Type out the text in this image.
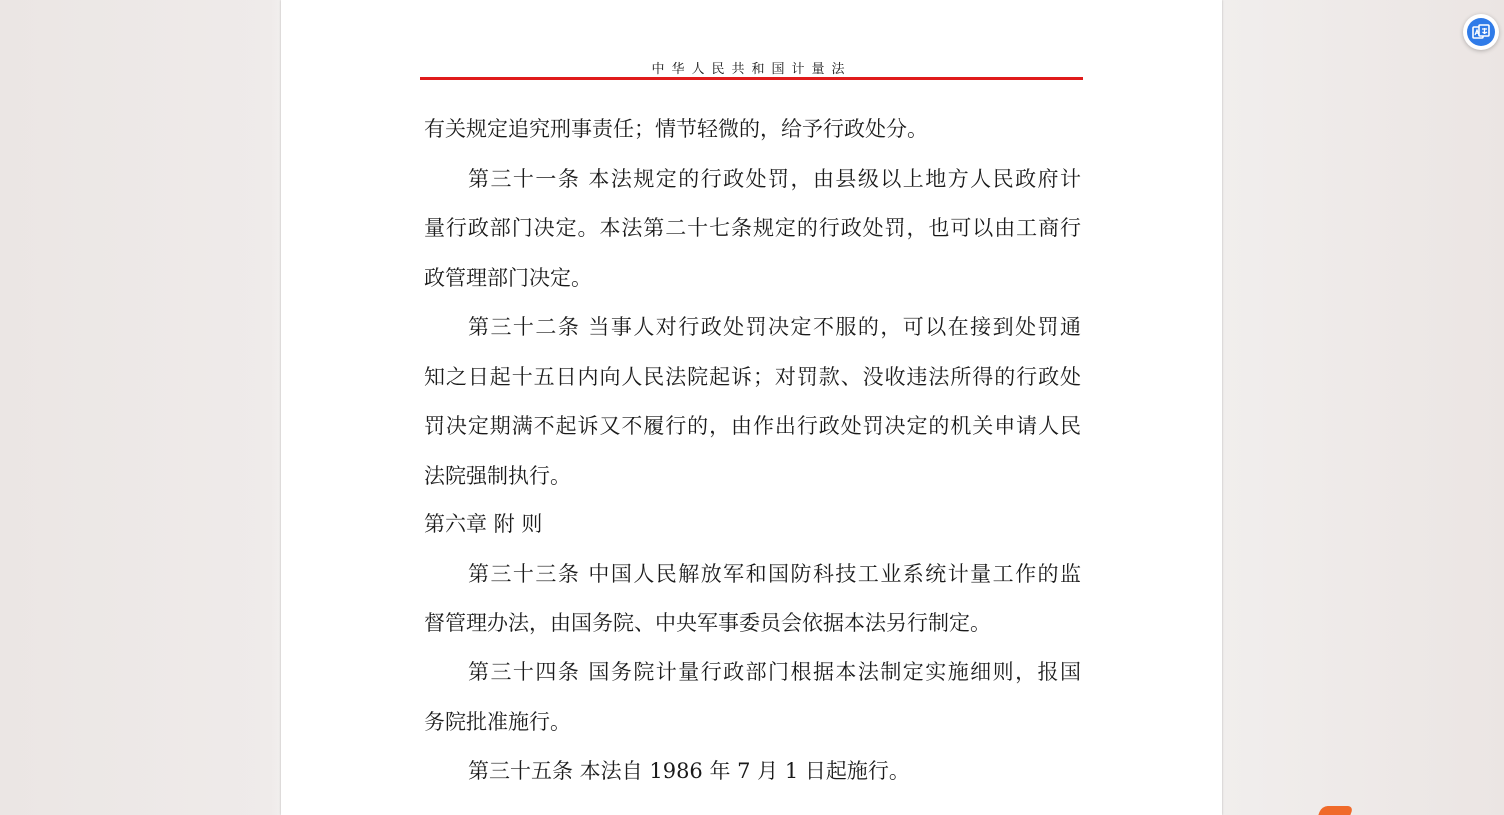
中华人民共和国计量法
有关规定追究刑事责任；情节轻微的，给予行政处分。
第三十一条 本法规定的行政处罚，由县级以上地方人民政府计
量行政部门决定。本法第二十七条规定的行政处罚，也可以由工商行
政管理部门决定。
第三十二条 当事人对行政处罚决定不服的，可以在接到处罚通
知之日起十五日内向人民法院起诉；对罚款、没收违法所得的行政处
罚决定期满不起诉又不履行的，由作出行政处罚决定的机关申请人民
法院强制执行。
第六章 附 则
第三十三条 中国人民解放军和国防科技工业系统计量工作的监
督管理办法，由国务院、中央军事委员会依据本法另行制定。
第三十四条 国务院计量行政部门根据本法制定实施细则，报国
务院批准施行。
第三十五条 本法自 1986 年 7 月 1 日起施行。
